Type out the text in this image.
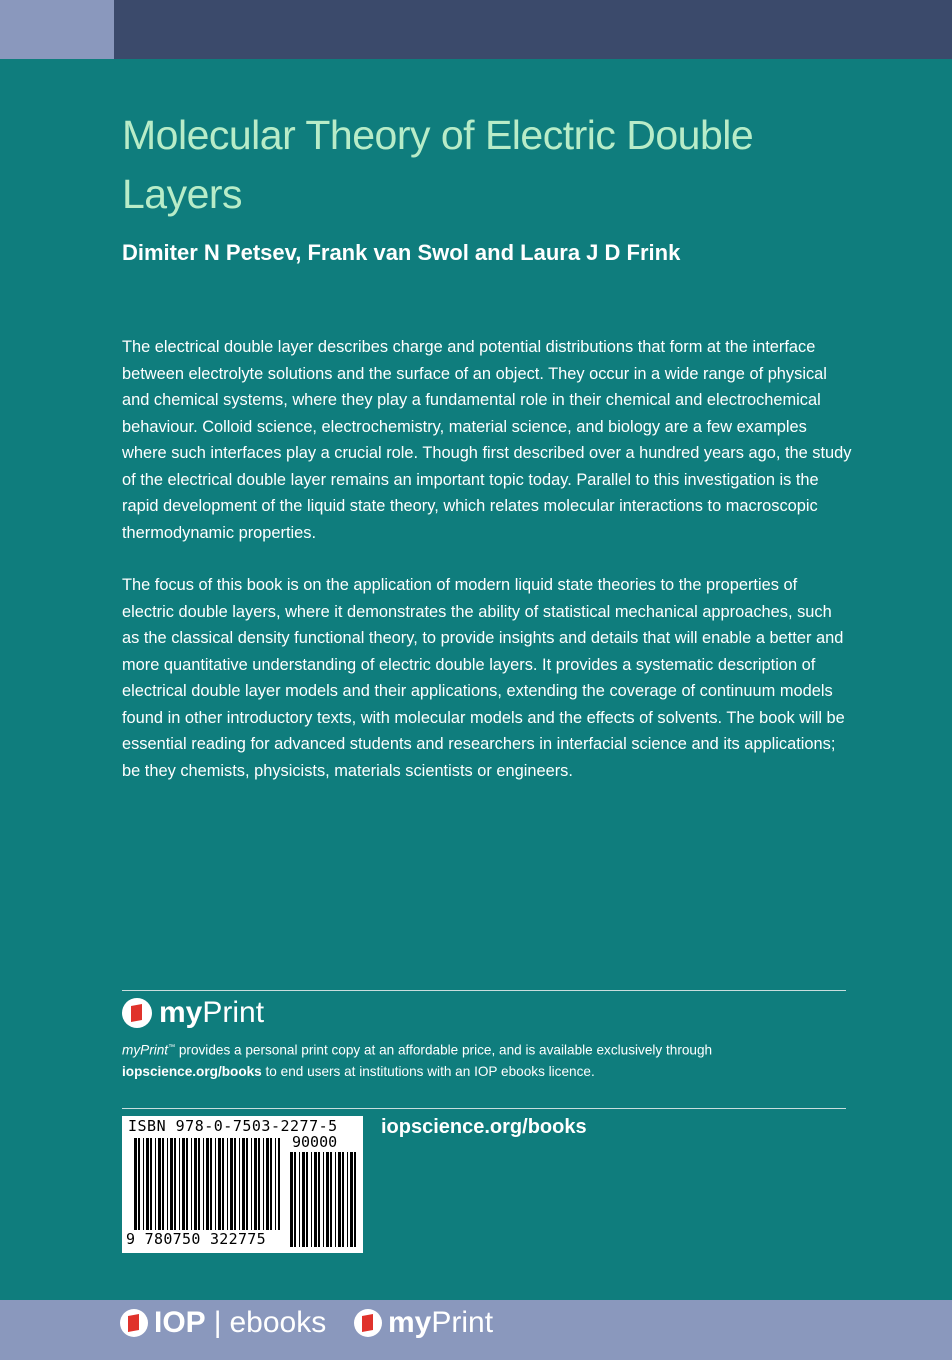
Molecular Theory of Electric Double Layers
Dimiter N Petsev, Frank van Swol and Laura J D Frink

The electrical double layer describes charge and potential distributions that form at the interface between electrolyte solutions and the surface of an object. They occur in a wide range of physical and chemical systems, where they play a fundamental role in their chemical and electrochemical behaviour. Colloid science, electrochemistry, material science, and biology are a few examples where such interfaces play a crucial role. Though first described over a hundred years ago, the study of the electrical double layer remains an important topic today. Parallel to this investigation is the rapid development of the liquid state theory, which relates molecular interactions to macroscopic thermodynamic properties.

The focus of this book is on the application of modern liquid state theories to the properties of electric double layers, where it demonstrates the ability of statistical mechanical approaches, such as the classical density functional theory, to provide insights and details that will enable a better and more quantitative understanding of electric double layers. It provides a systematic description of electrical double layer models and their applications, extending the coverage of continuum models found in other introductory texts, with molecular models and the effects of solvents. The book will be essential reading for advanced students and researchers in interfacial science and its applications; be they chemists, physicists, materials scientists or engineers.

myPrint
myPrint™ provides a personal print copy at an affordable price, and is available exclusively through
iopscience.org/books to end users at institutions with an IOP ebooks licence.
ISBN 978-0-7503-2277-5
90000
9 780750 322775
iopscience.org/books
IOP | ebooks myPrint
